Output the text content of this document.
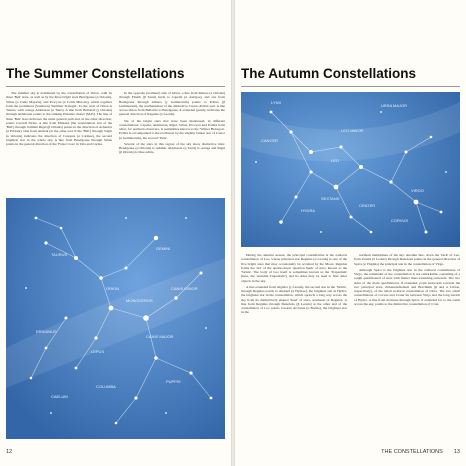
The Summer Constellations

The summer sky is dominated by the constellation of Orion, with its three 'Belt' stars, as well as by the three bright stars Betelgeuse (α Orionis), Sirius (α Canis Majoris), and Procyon (α Canis Minoris), which together form the prominent (Southern) 'Summer Triangle'. To the west of Orion is Taurus, with orange Aldebaran (α Tauri). A line from Bellatrix (γ Orionis) through Aldebaran points to the striking Pleiades cluster (M45). The line of three 'Belt' stars indicates the same general path and, in the other direction, points towards Sirius. A line from Mintaka (the westernmost star of the 'Belt') through brilliant Rigel (β Orionis) points in the direction of Achernar (α Eridani). One from Alnitak (at the other end of the 'Belt') through Saiph (κ Orionis) indicates the direction of Canopus (α Carinae), the second brightest star in the whole sky. A line from Betelgeuse through Sirius points in the general direction of the 'False Cross' in Vela and Carina.

In the opposite (northern) side of Orion, a line from Meissa (λ Orionis) through Elnath (β Tauri) leads to Capella (α Aurigae), and one from Betelgeuse through Alhena (γ Geminorum) points to Pollux (β Geminorum), the southernmost of the distinctive Castor–Pollux pair. A line across Orion from Bellatrix to Betelgeuse, if extended greatly, indicates the general direction of Regulus (α Leonis).

Six of the bright stars that have been mentioned, in different constellations: Capella, Aldebaran, Rigel, Sirius, Procyon and Pollux form what, for northern observers, is sometimes known as the 'Winter Hexagon'. Pollux is accompanied to the northwest by the slightly fainter star of Castor (α Geminorum), the second 'Twin'.

Several of the stars in this region of the sky show distinctive tints: Betelgeuse (α Orionis) is reddish, Aldebaran (α Tauri) is orange and Rigel (β Orionis) is blue-white.

ORION
TAURUS
GEMINI
CANIS MAJOR
CANIS MINOR
MONOCEROS
LEPUS
ERIDANUS
PUPPIS
COLUMBA
CAELUM
12
The Autumn Constellations
LEO
LEO MINOR
CANCER
HYDRA
SEXTANS
CRATER
CORVUS
VIRGO
LYNX
URSA MAJOR

During the autumn season, the principal constellation is the zodiacal constellation of Leo, whose principal star Regulus (α Leonis) is one of the five bright stars that may occasionally be occulted by the Moon. Regulus forms the 'dot' of the upside-down 'question mark' of stars, known as the 'Sickle'. The body of Leo itself is sometimes known as the 'Trapezium' (here, the 'Autumn Trapezium'), and its sides may be used to find other objects in the sky.

A line extended from Algieba (γ Leonis), the second star in the 'Sickle', through Regulus points to Alphard (α Hydrae), the brightest star in Hydra: the brightest star in the constellation, which sprawls a long way across the sky from its distinctively shaped 'head' of stars, southeast of Regulus. A line from Regulus through Denebola (β Leonis) at the other end of the constellation of Leo points towards Arcturus (α Boötis), the brightest star in the

northern hemisphere of the sky. Another line, down the 'back' of Leo, from Zosma (δ Leonis) through Denebola points in the general direction of Spica (α Virginis) the principal star in the constellation of Virgo.

Although Spica is the brightest star in the zodiacal constellation of Virgo, the remainder of the constellation is not remarkable, consisting of a rough quadrilateral of stars with fainter lines extending outwards. The two sides of the main quadrilateral, if extended, point eastwards towards the two principal stars, Zubenelschemali and Brachium (β and α Librae, respectively), of the small zodiacal constellation of Libra. The two small constellations of Corvus and Crater lie between Virgo and the long stretch of Hydra. A line from Arcturus through Spica, if extended far to the south across the sky, points to the distinctive constellation of Crux.

THE CONSTELLATIONS 13
